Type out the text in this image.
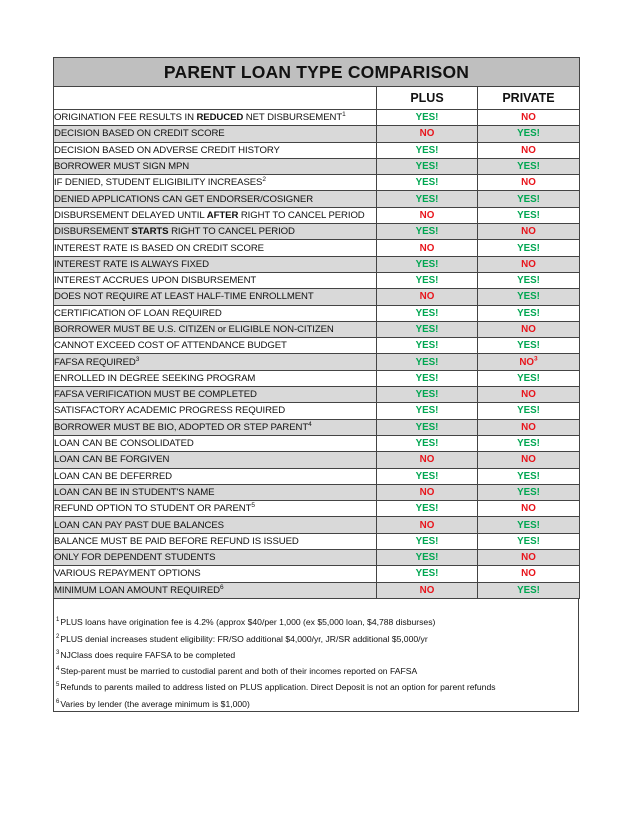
PARENT LOAN TYPE COMPARISON		
	PLUS	PRIVATE
ORIGINATION FEE RESULTS IN REDUCED NET DISBURSEMENT$^1$	YES!	NO
DECISION BASED ON CREDIT SCORE	NO	YES!
DECISION BASED ON ADVERSE CREDIT HISTORY	YES!	NO
BORROWER MUST SIGN MPN	YES!	YES!
IF DENIED, STUDENT ELIGIBILITY INCREASES$^2$	YES!	NO
DENIED APPLICATIONS CAN GET ENDORSER/COSIGNER	YES!	YES!
DISBURSEMENT DELAYED UNTIL AFTER RIGHT TO CANCEL PERIOD	NO	YES!
DISBURSEMENT STARTS RIGHT TO CANCEL PERIOD	YES!	NO
INTEREST RATE IS BASED ON CREDIT SCORE	NO	YES!
INTEREST RATE IS ALWAYS FIXED	YES!	NO
INTEREST ACCRUES UPON DISBURSEMENT	YES!	YES!
DOES NOT REQUIRE AT LEAST HALF-TIME ENROLLMENT	NO	YES!
CERTIFICATION OF LOAN REQUIRED	YES!	YES!
BORROWER MUST BE U.S. CITIZEN or ELIGIBLE NON-CITIZEN	YES!	NO
CANNOT EXCEED COST OF ATTENDANCE BUDGET	YES!	YES!
FAFSA REQUIRED$^3$	YES!	$NO^3$
ENROLLED IN DEGREE SEEKING PROGRAM	YES!	YES!
FAFSA VERIFICATION MUST BE COMPLETED	YES!	NO
SATISFACTORY ACADEMIC PROGRESS REQUIRED	YES!	YES!
BORROWER MUST BE BIO, ADOPTED OR STEP PARENT$^4$	YES!	NO
LOAN CAN BE CONSOLIDATED	YES!	YES!
LOAN CAN BE FORGIVEN	NO	NO
LOAN CAN BE DEFERRED	YES!	YES!
LOAN CAN BE IN STUDENT'S NAME	NO	YES!
REFUND OPTION TO STUDENT OR PARENT$^5$	YES!	NO
LOAN CAN PAY PAST DUE BALANCES	NO	YES!
BALANCE MUST BE PAID BEFORE REFUND IS ISSUED	YES!	YES!
ONLY FOR DEPENDENT STUDENTS	YES!	NO
VARIOUS REPAYMENT OPTIONS	YES!	NO
MINIMUM LOAN AMOUNT REQUIRED$^6$	NO	YES!
$^1$PLUS loans have origination fee is 4.2% (approx $40/per 1,000 (ex $5,000 loan, $4,788 disburses)
$^2$PLUS denial increases student eligibility: FR/SO additional $4,000/yr, JR/SR additional $5,000/yr
$^3$NJClass does require FAFSA to be completed
$^4$Step-parent must be married to custodial parent and both of their incomes reported on FAFSA
$^5$Refunds to parents mailed to address listed on PLUS application. Direct Deposit is not an option for parent refunds
$^6$Varies by lender (the average minimum is $1,000)
